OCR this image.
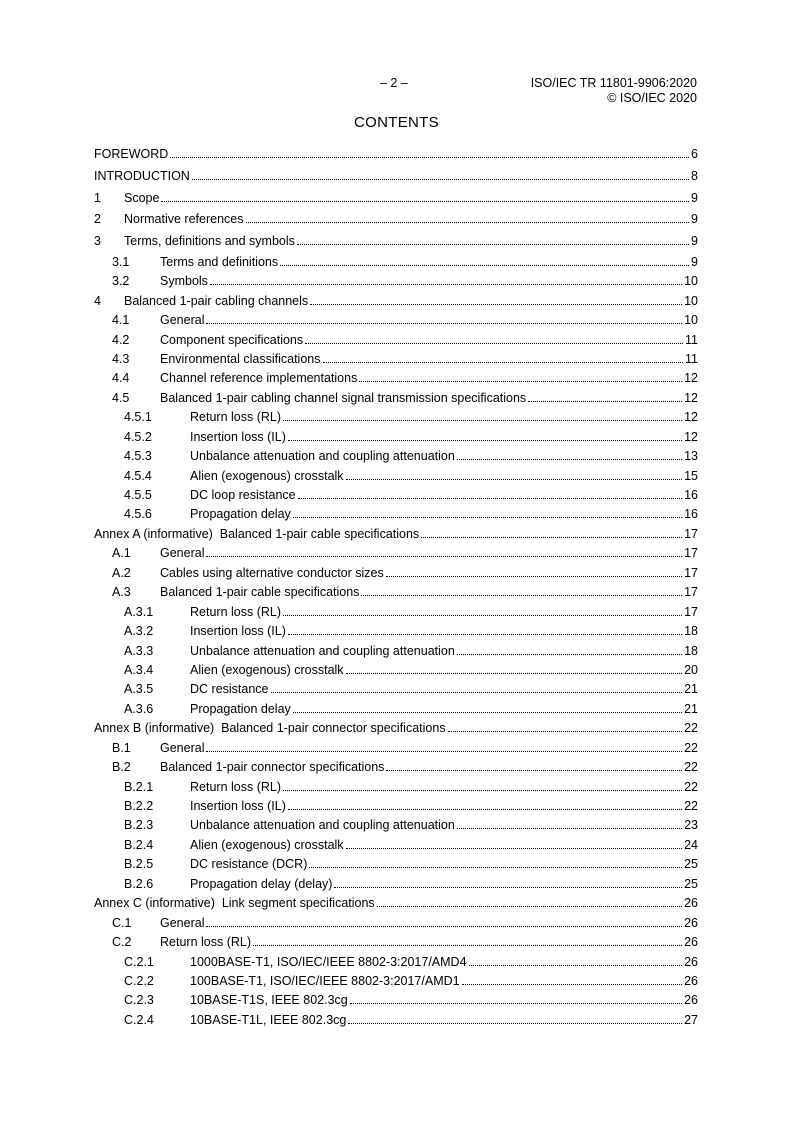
– 2 –	ISO/IEC TR 11801-9906:2020
© ISO/IEC 2020
CONTENTS
FOREWORD	6
INTRODUCTION	8
1	Scope	9
2	Normative references	9
3	Terms, definitions and symbols	9
3.1	Terms and definitions	9
3.2	Symbols	10
4	Balanced 1-pair cabling channels	10
4.1	General	10
4.2	Component specifications	11
4.3	Environmental classifications	11
4.4	Channel reference implementations	12
4.5	Balanced 1-pair cabling channel signal transmission specifications	12
4.5.1	Return loss (RL)	12
4.5.2	Insertion loss (IL)	12
4.5.3	Unbalance attenuation and coupling attenuation	13
4.5.4	Alien (exogenous) crosstalk	15
4.5.5	DC loop resistance	16
4.5.6	Propagation delay	16
Annex A (informative)  Balanced 1-pair cable specifications	17
A.1	General	17
A.2	Cables using alternative conductor sizes	17
A.3	Balanced 1-pair cable specifications	17
A.3.1	Return loss (RL)	17
A.3.2	Insertion loss (IL)	18
A.3.3	Unbalance attenuation and coupling attenuation	18
A.3.4	Alien (exogenous) crosstalk	20
A.3.5	DC resistance	21
A.3.6	Propagation delay	21
Annex B (informative)  Balanced 1-pair connector specifications	22
B.1	General	22
B.2	Balanced 1-pair connector specifications	22
B.2.1	Return loss (RL)	22
B.2.2	Insertion loss (IL)	22
B.2.3	Unbalance attenuation and coupling attenuation	23
B.2.4	Alien (exogenous) crosstalk	24
B.2.5	DC resistance (DCR)	25
B.2.6	Propagation delay (delay)	25
Annex C (informative)  Link segment specifications	26
C.1	General	26
C.2	Return loss (RL)	26
C.2.1	1000BASE-T1, ISO/IEC/IEEE 8802-3:2017/AMD4	26
C.2.2	100BASE-T1, ISO/IEC/IEEE 8802-3:2017/AMD1	26
C.2.3	10BASE-T1S, IEEE 802.3cg	26
C.2.4	10BASE-T1L, IEEE 802.3cg	27
